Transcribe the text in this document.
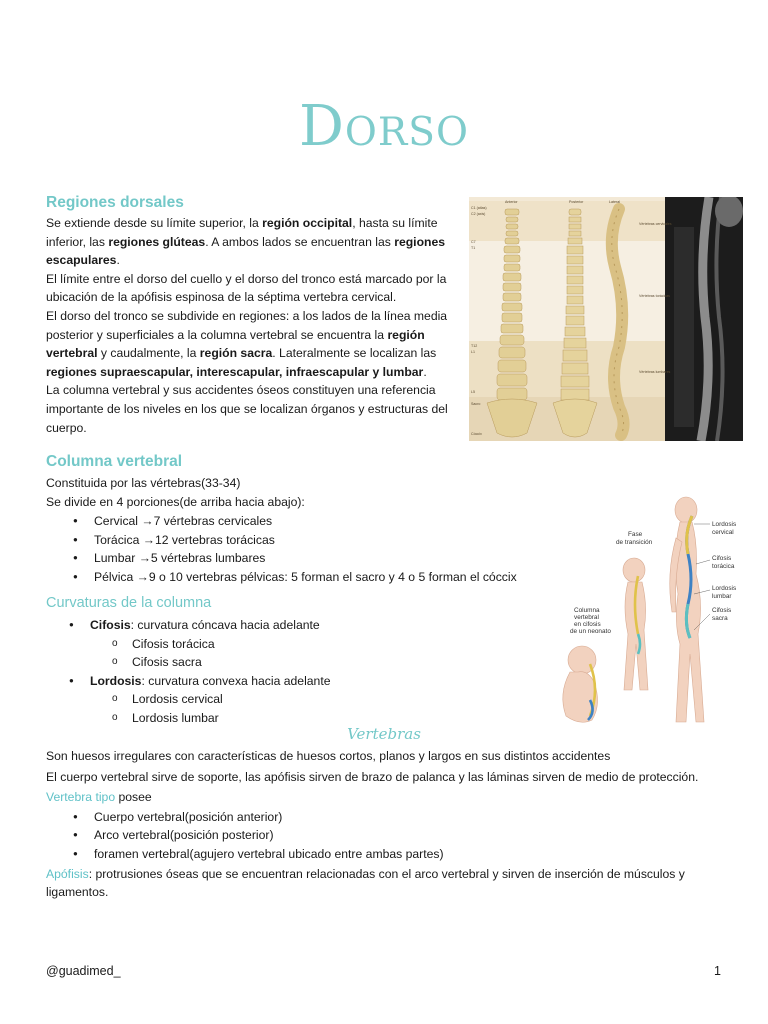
Dorso
Regiones dorsales

Se extiende desde su límite superior, la región occipital, hasta su límite inferior, las regiones glúteas. A ambos lados se encuentran las regiones escapulares.

El límite entre el dorso del cuello y el dorso del tronco está marcado por la ubicación de la apófisis espinosa de la séptima vertebra cervical.

El dorso del tronco se subdivide en regiones: a los lados de la línea media posterior y superficiales a la columna vertebral se encuentra la región vertebral y caudalmente, la región sacra. Lateralmente se localizan las regiones supraescapular, interescapular, infraescapular y lumbar.

La columna vertebral y sus accidentes óseos constituyen una referencia importante de los niveles en los que se localizan órganos y estructuras del cuerpo.

Anterior	Posterior	Lateral
C1 (atlas)
C2 (axis)
C7
T1
T12
L1
L5
Sacro
Cóccix
Vértebras cervicales
Vértebras torácicas
Vértebras lumbares
Columna vertebral

Constituida por las vértebras(33-34)

Se divide en 4 porciones(de arriba hacia abajo):

● Cervical →7 vértebras cervicales
● Torácica →12 vertebras torácicas
● Lumbar →5 vértebras lumbares
● Pélvica →9 o 10 vertebras pélvicas: 5 forman el sacro y 4 o 5 forman el cóccix
Curvaturas de la columna
● Cifosis: curvatura cóncava hacia adelante
o Cifosis torácica
o Cifosis sacra
● Lordosis: curvatura convexa hacia adelante
o Lordosis cervical
o Lordosis lumbar
Columna
vertebral
en cifosis
de un neonato
Fase
de transición
Lordosis
cervical
Cifosis
torácica
Lordosis
lumbar
Cifosis
sacra
Vertebras

Son huesos irregulares con características de huesos cortos, planos y largos en sus distintos accidentes

El cuerpo vertebral sirve de soporte, las apófisis sirven de brazo de palanca y las láminas sirven de medio de protección.

Vertebra tipo posee

● Cuerpo vertebral(posición anterior)
● Arco vertebral(posición posterior)
● foramen vertebral(agujero vertebral ubicado entre ambas partes)

Apófisis: protrusiones óseas que se encuentran relacionadas con el arco vertebral y sirven de inserción de músculos y ligamentos.

@guadimed_	1
